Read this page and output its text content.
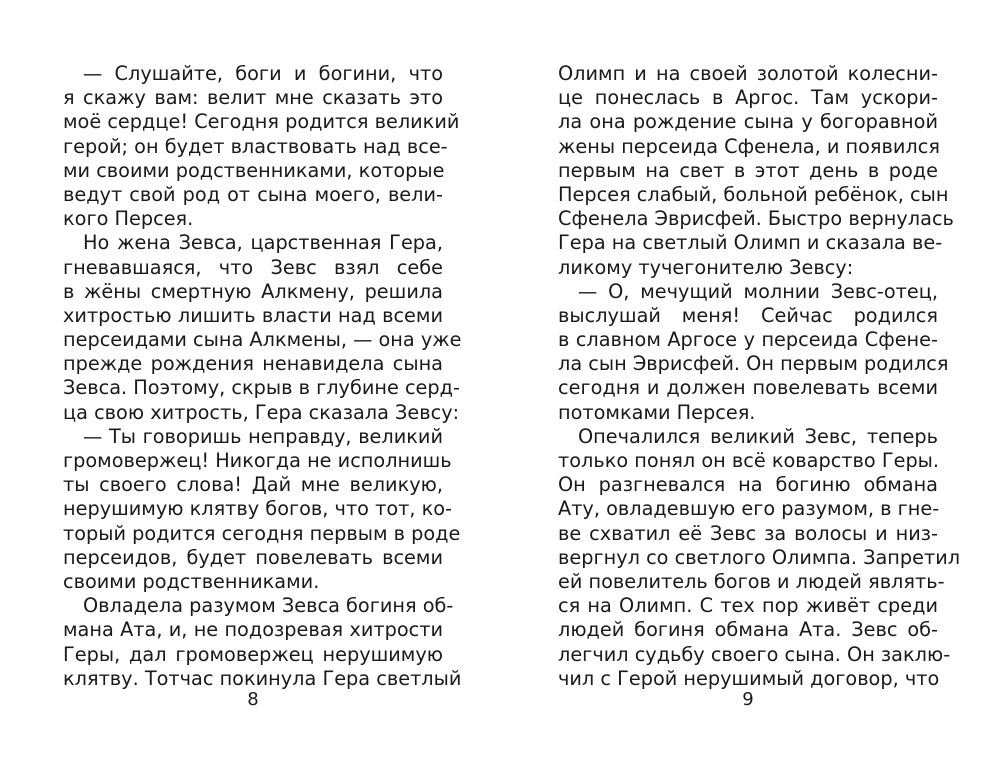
— Слушайте, боги и богини, что
я скажу вам: велит мне сказать это
моё сердце! Сегодня родится великий
герой; он будет властвовать над все-
ми своими родственниками, которые
ведут свой род от сына моего, вели-
кого Персея.
Но жена Зевса, царственная Гера,
гневавшаяся, что Зевс взял себе
в жёны смертную Алкмену, решила
хитростью лишить власти над всеми
персеидами сына Алкмены, — она уже
прежде рождения ненавидела сына
Зевса. Поэтому, скрыв в глубине серд-
ца свою хитрость, Гера сказала Зевсу:
— Ты говоришь неправду, великий
громовержец! Никогда не исполнишь
ты своего слова! Дай мне великую,
нерушимую клятву богов, что тот, ко-
торый родится сегодня первым в роде
персеидов, будет повелевать всеми
своими родственниками.
Овладела разумом Зевса богиня об-
мана Ата, и, не подозревая хитрости
Геры, дал громовержец нерушимую
клятву. Тотчас покинула Гера светлый
8
Олимп и на своей золотой колесни-
це понеслась в Аргос. Там ускори-
ла она рождение сына у богоравной
жены персеида Сфенела, и появился
первым на свет в этот день в роде
Персея слабый, больной ребёнок, сын
Сфенела Эврисфей. Быстро вернулась
Гера на светлый Олимп и сказала ве-
ликому тучегонителю Зевсу:
— О, мечущий молнии Зевс-отец,
выслушай меня! Сейчас родился
в славном Аргосе у персеида Сфене-
ла сын Эврисфей. Он первым родился
сегодня и должен повелевать всеми
потомками Персея.
Опечалился великий Зевс, теперь
только понял он всё коварство Геры.
Он разгневался на богиню обмана
Ату, овладевшую его разумом, в гне-
ве схватил её Зевс за волосы и низ-
вергнул со светлого Олимпа. Запретил
ей повелитель богов и людей являть-
ся на Олимп. С тех пор живёт среди
людей богиня обмана Ата. Зевс об-
легчил судьбу своего сына. Он заклю-
чил с Герой нерушимый договор, что
9
